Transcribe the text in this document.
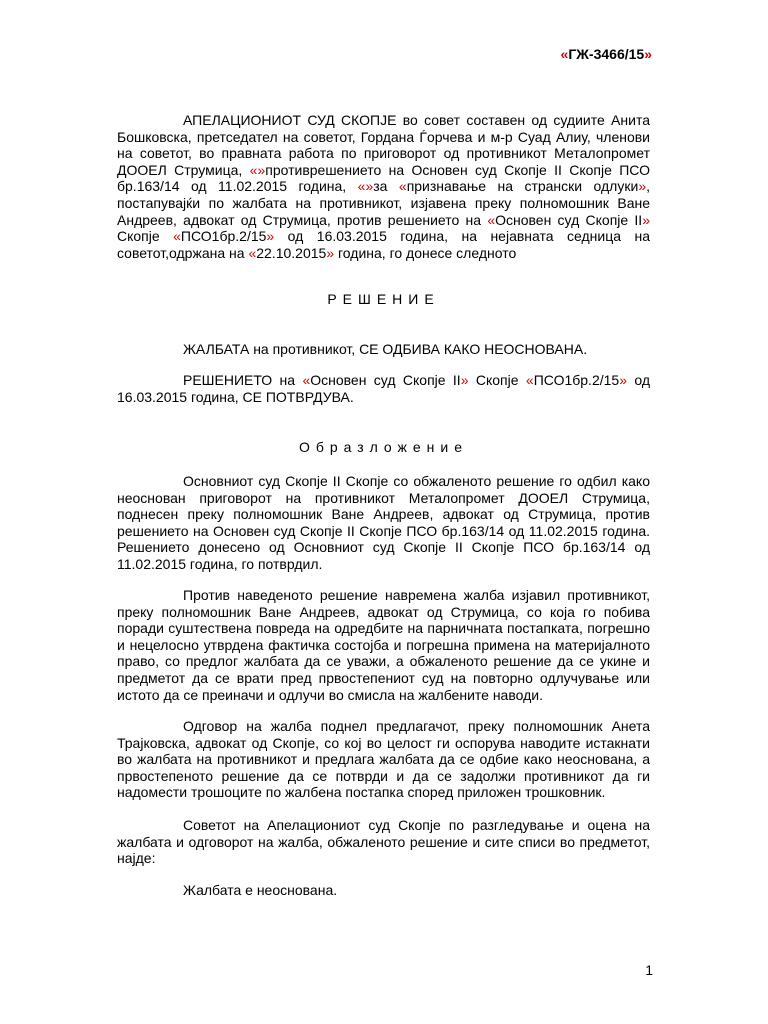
«ГЖ-3466/15»

АПЕЛАЦИОНИОТ СУД СКОПЈЕ во совет составен од судиите Анита Бошковска, претседател на советот, Гордана Ѓорчева и м-р Суад Алиу, членови на советот, во правната работа по приговорот од противникот Металопромет ДООЕЛ Струмица, «»противрешението на Основен суд Скопје II Скопје ПСО бр.163/14 од 11.02.2015 година, «»за «признавање на странски одлуки», постапувајќи по жалбата на противникот, изјавена преку полномошник Ване Андреев, адвокат од Струмица, против решението на «Основен суд Скопје II» Скопје «ПСО1бр.2/15» од 16.03.2015 година, на нејавната седница на советот,одржана на «22.10.2015» година, го донесе следното

РЕШЕНИЕ

ЖАЛБАТА на противникот, СЕ ОДБИВА КАКО НЕОСНОВАНА.

РЕШЕНИЕТО на «Основен суд Скопје II» Скопје «ПСО1бр.2/15» од 16.03.2015 година, СЕ ПОТВРДУВА.

Образложение

Основниот суд Скопје II Скопје со обжаленото решение го одбил како неоснован приговорот на противникот Металопромет ДООЕЛ Струмица, поднесен преку полномошник Ване Андреев, адвокат од Струмица, против решението на Основен суд Скопје II Скопје ПСО бр.163/14 од 11.02.2015 година. Решението донесено од Основниот суд Скопје II Скопје ПСО бр.163/14 од 11.02.2015 година, го потврдил.

Против наведеното решение навремена жалба изјавил противникот, преку полномошник Ване Андреев, адвокат од Струмица, со која го побива поради суштествена повреда на одредбите на парничната постапката, погрешно и нецелосно утврдена фактичка состојба и погрешна примена на материјалното право, со предлог жалбата да се уважи, а обжаленото решение да се укине и предметот да се врати пред првостепениот суд на повторно одлучување или истото да се преиначи и одлучи во смисла на жалбените наводи.

Одговор на жалба поднел предлагачот, преку полномошник Анета Трајковска, адвокат од Скопје, со кој во целост ги оспорува наводите истакнати во жалбата на противникот и предлага жалбата да се одбие како неоснована, а првостепеното решение да се потврди и да се задолжи противникот да ги надомести трошоците по жалбена постапка според приложен трошковник.

Советот на Апелациониот суд Скопје по разгледување и оцена на жалбата и одговорот на жалба, обжаленото решение и сите списи во предметот, најде:

Жалбата е неоснована.

1
